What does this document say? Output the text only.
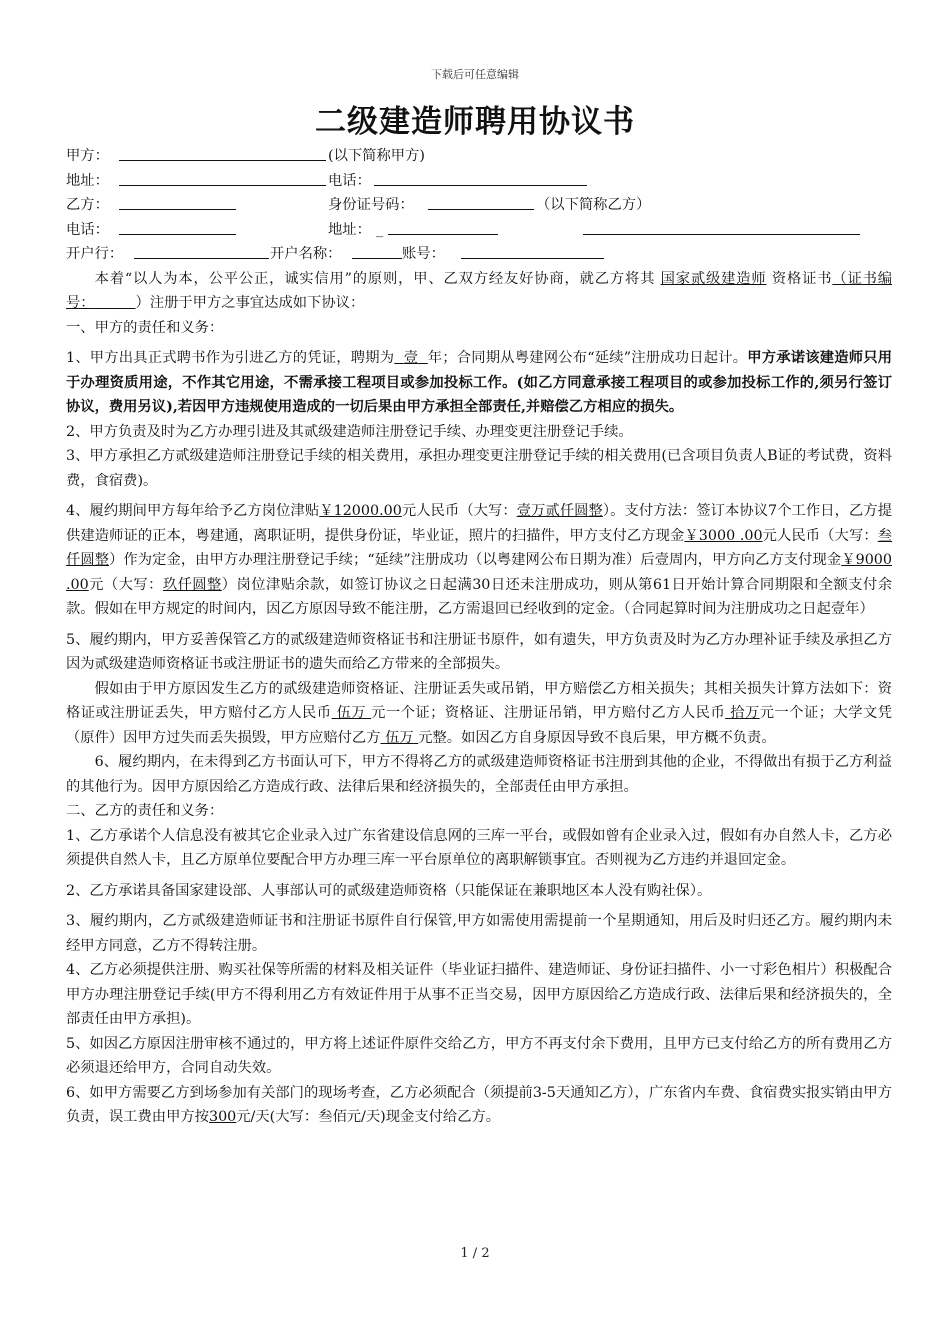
下载后可任意编辑
二级建造师聘用协议书
甲方：	(以下简称甲方)
地址：	电话：
乙方：	身份证号码：	（以下简称乙方）
电话：	地址： _
开户行：	开户名称：	账号：

本着“以人为本，公平公正，诚实信用”的原则，甲、乙双方经友好协商，就乙方将其 国家贰级建造师 资格证书（证书编号：	）注册于甲方之事宜达成如下协议：

一、甲方的责任和义务：

1、甲方出具正式聘书作为引进乙方的凭证，聘期为 壹 年；合同期从粤建网公布“延续”注册成功日起计。甲方承诺该建造师只用于办理资质用途，不作其它用途，不需承接工程项目或参加投标工作。(如乙方同意承接工程项目的或参加投标工作的,须另行签订协议，费用另议),若因甲方违规使用造成的一切后果由甲方承担全部责任,并赔偿乙方相应的损失。

2、甲方负责及时为乙方办理引进及其贰级建造师注册登记手续、办理变更注册登记手续。

3、甲方承担乙方贰级建造师注册登记手续的相关费用，承担办理变更注册登记手续的相关费用(已含项目负责人B证的考试费，资料费，食宿费)。

4、履约期间甲方每年给予乙方岗位津贴￥12000.00元人民币（大写：壹万贰仟圆整）。支付方法：签订本协议7个工作日，乙方提供建造师证的正本，粤建通，离职证明，提供身份证，毕业证，照片的扫描件，甲方支付乙方现金￥3000 .00元人民币（大写：叁仟圆整）作为定金，由甲方办理注册登记手续；“延续”注册成功（以粤建网公布日期为准）后壹周内，甲方向乙方支付现金￥9000 .00元（大写：玖仟圆整）岗位津贴余款，如签订协议之日起满30日还未注册成功，则从第61日开始计算合同期限和全额支付余款。假如在甲方规定的时间内，因乙方原因导致不能注册，乙方需退回已经收到的定金。（合同起算时间为注册成功之日起壹年）

5、履约期内，甲方妥善保管乙方的贰级建造师资格证书和注册证书原件，如有遗失，甲方负责及时为乙方办理补证手续及承担乙方因为贰级建造师资格证书或注册证书的遗失而给乙方带来的全部损失。

假如由于甲方原因发生乙方的贰级建造师资格证、注册证丢失或吊销，甲方赔偿乙方相关损失；其相关损失计算方法如下：资格证或注册证丢失，甲方赔付乙方人民币 伍万 元一个证；资格证、注册证吊销，甲方赔付乙方人民币 拾万元一个证；大学文凭（原件）因甲方过失而丢失损毁，甲方应赔付乙方 伍万 元整。如因乙方自身原因导致不良后果，甲方概不负责。

6、履约期内，在未得到乙方书面认可下，甲方不得将乙方的贰级建造师资格证书注册到其他的企业，不得做出有损于乙方利益的其他行为。因甲方原因给乙方造成行政、法律后果和经济损失的，全部责任由甲方承担。

二、乙方的责任和义务：

1、乙方承诺个人信息没有被其它企业录入过广东省建设信息网的三库一平台，或假如曾有企业录入过，假如有办自然人卡，乙方必须提供自然人卡，且乙方原单位要配合甲方办理三库一平台原单位的离职解锁事宜。否则视为乙方违约并退回定金。

2、乙方承诺具备国家建设部、人事部认可的贰级建造师资格（只能保证在兼职地区本人没有购社保）。

3、履约期内，乙方贰级建造师证书和注册证书原件自行保管,甲方如需使用需提前一个星期通知，用后及时归还乙方。履约期内未经甲方同意，乙方不得转注册。

4、乙方必须提供注册、购买社保等所需的材料及相关证件（毕业证扫描件、建造师证、身份证扫描件、小一寸彩色相片）积极配合甲方办理注册登记手续(甲方不得利用乙方有效证件用于从事不正当交易，因甲方原因给乙方造成行政、法律后果和经济损失的，全部责任由甲方承担)。

5、如因乙方原因注册审核不通过的，甲方将上述证件原件交给乙方，甲方不再支付余下费用，且甲方已支付给乙方的所有费用乙方必须退还给甲方，合同自动失效。

6、如甲方需要乙方到场参加有关部门的现场考查，乙方必须配合（须提前3-5天通知乙方），广东省内车费、食宿费实报实销由甲方负责，误工费由甲方按300元/天(大写：叁佰元/天)现金支付给乙方。

1 / 2
